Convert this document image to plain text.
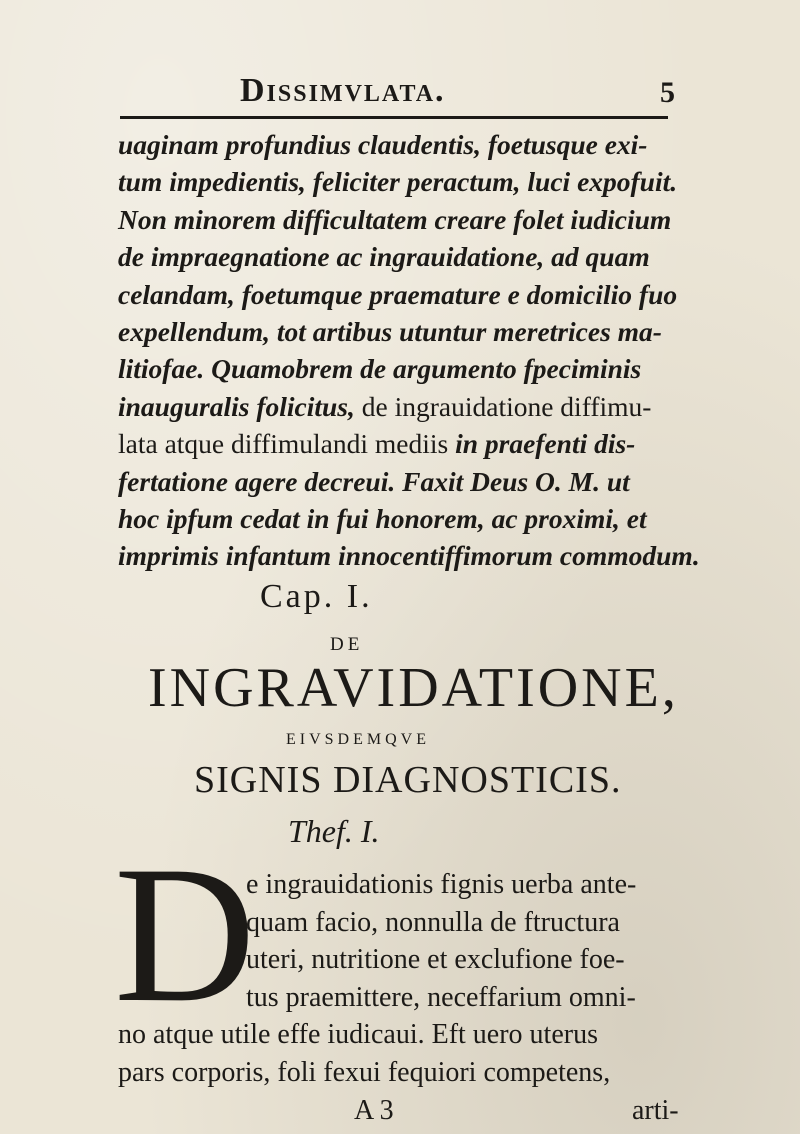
Dissimvlata.	5
uaginam profundius claudentis, foetusque exi-
tum impedientis, feliciter peractum, luci expofuit.
Non minorem difficultatem creare folet iudicium
de impraegnatione ac ingrauidatione, ad quam
celandam, foetumque praemature e domicilio fuo
expellendum, tot artibus utuntur meretrices ma-
litiofae. Quamobrem de argumento fpeciminis
inauguralis folicitus, de ingrauidatione diffimu-
lata atque diffimulandi mediis in praefenti dis-
fertatione agere decreui. Faxit Deus O. M. ut
hoc ipfum cedat in fui honorem, ac proximi, et
imprimis infantum innocentiffimorum commodum.
Cap. I.
DE
INGRAVIDATIONE,
EIVSDEMQVE
SIGNIS DIAGNOSTICIS.
Thef. I.
D
e ingrauidationis fignis uerba ante-
quam facio, nonnulla de ftructura
uteri, nutritione et exclufione foe-
tus praemittere, neceffarium omni-
no atque utile effe iudicaui. Eft uero uterus
pars corporis, foli fexui fequiori competens,
A 3	arti-
